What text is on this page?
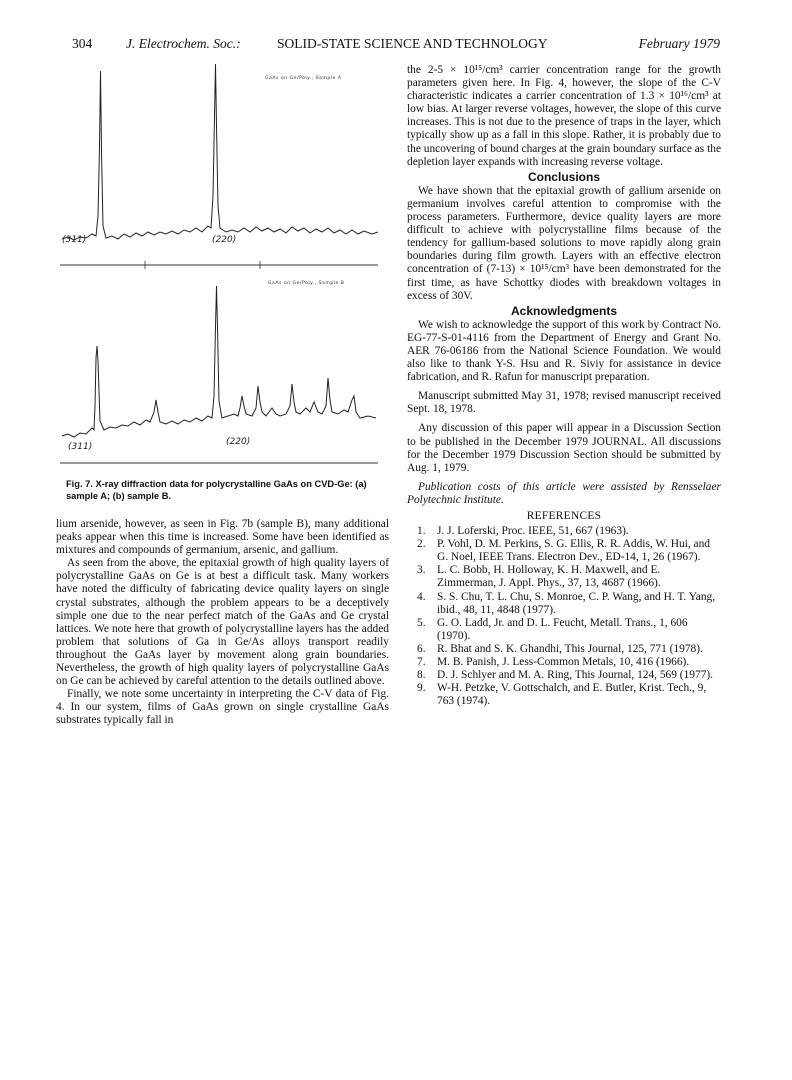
304	J. Electrochem. Soc.:	SOLID-STATE SCIENCE AND TECHNOLOGY	February 1979
GaAs on Ge/Poly., Sample A
(311)	(220)
GaAs on Ge/Poly., Sample B
(311)	(220)
Fig. 7. X-ray diffraction data for polycrystalline GaAs on CVD-Ge: (a) sample A; (b) sample B.

lium arsenide, however, as seen in Fig. 7b (sample B), many additional peaks appear when this time is increased. Some have been identified as mixtures and compounds of germanium, arsenic, and gallium.

As seen from the above, the epitaxial growth of high quality layers of polycrystalline GaAs on Ge is at best a difficult task. Many workers have noted the difficulty of fabricating device quality layers on single crystal substrates, although the problem appears to be a deceptively simple one due to the near perfect match of the GaAs and Ge crystal lattices. We note here that growth of polycrystalline layers has the added problem that solutions of Ga in Ge/As alloys transport readily throughout the GaAs layer by movement along grain boundaries. Nevertheless, the growth of high quality layers of polycrystalline GaAs on Ge can be achieved by careful attention to the details outlined above.

Finally, we note some uncertainty in interpreting the C-V data of Fig. 4. In our system, films of GaAs grown on single crystalline GaAs substrates typically fall in

the 2-5 × 10¹⁵/cm³ carrier concentration range for the growth parameters given here. In Fig. 4, however, the slope of the C-V characteristic indicates a carrier concentration of 1.3 × 10¹⁶/cm³ at low bias. At larger reverse voltages, however, the slope of this curve increases. This is not due to the presence of traps in the layer, which typically show up as a fall in this slope. Rather, it is probably due to the uncovering of bound charges at the grain boundary surface as the depletion layer expands with increasing reverse voltage.

Conclusions

We have shown that the epitaxial growth of gallium arsenide on germanium involves careful attention to compromise with the process parameters. Furthermore, device quality layers are more difficult to achieve with polycrystalline films because of the tendency for gallium-based solutions to move rapidly along grain boundaries during film growth. Layers with an effective electron concentration of (7-13) × 10¹⁵/cm³ have been demonstrated for the first time, as have Schottky diodes with breakdown voltages in excess of 30V.

Acknowledgments

We wish to acknowledge the support of this work by Contract No. EG-77-S-01-4116 from the Department of Energy and Grant No. AER 76-06186 from the National Science Foundation. We would also like to thank Y-S. Hsu and R. Siviy for assistance in device fabrication, and R. Rafun for manuscript preparation.

Manuscript submitted May 31, 1978; revised manuscript received Sept. 18, 1978.

Any discussion of this paper will appear in a Discussion Section to be published in the December 1979 JOURNAL. All discussions for the December 1979 Discussion Section should be submitted by Aug. 1, 1979.

Publication costs of this article were assisted by Rensselaer Polytechnic Institute.

REFERENCES

1. J. J. Loferski, Proc. IEEE, 51, 667 (1963).

2. P. Vohl, D. M. Perkins, S. G. Ellis, R. R. Addis, W. Hui, and G. Noel, IEEE Trans. Electron Dev., ED-14, 1, 26 (1967).

3. L. C. Bobb, H. Holloway, K. H. Maxwell, and E. Zimmerman, J. Appl. Phys., 37, 13, 4687 (1966).

4. S. S. Chu, T. L. Chu, S. Monroe, C. P. Wang, and H. T. Yang, ibid., 48, 11, 4848 (1977).

5. G. O. Ladd, Jr. and D. L. Feucht, Metall. Trans., 1, 606 (1970).

6. R. Bhat and S. K. Ghandhi, This Journal, 125, 771 (1978).

7. M. B. Panish, J. Less-Common Metals, 10, 416 (1966).

8. D. J. Schlyer and M. A. Ring, This Journal, 124, 569 (1977).

9. W-H. Petzke, V. Gottschalch, and E. Butler, Krist. Tech., 9, 763 (1974).
